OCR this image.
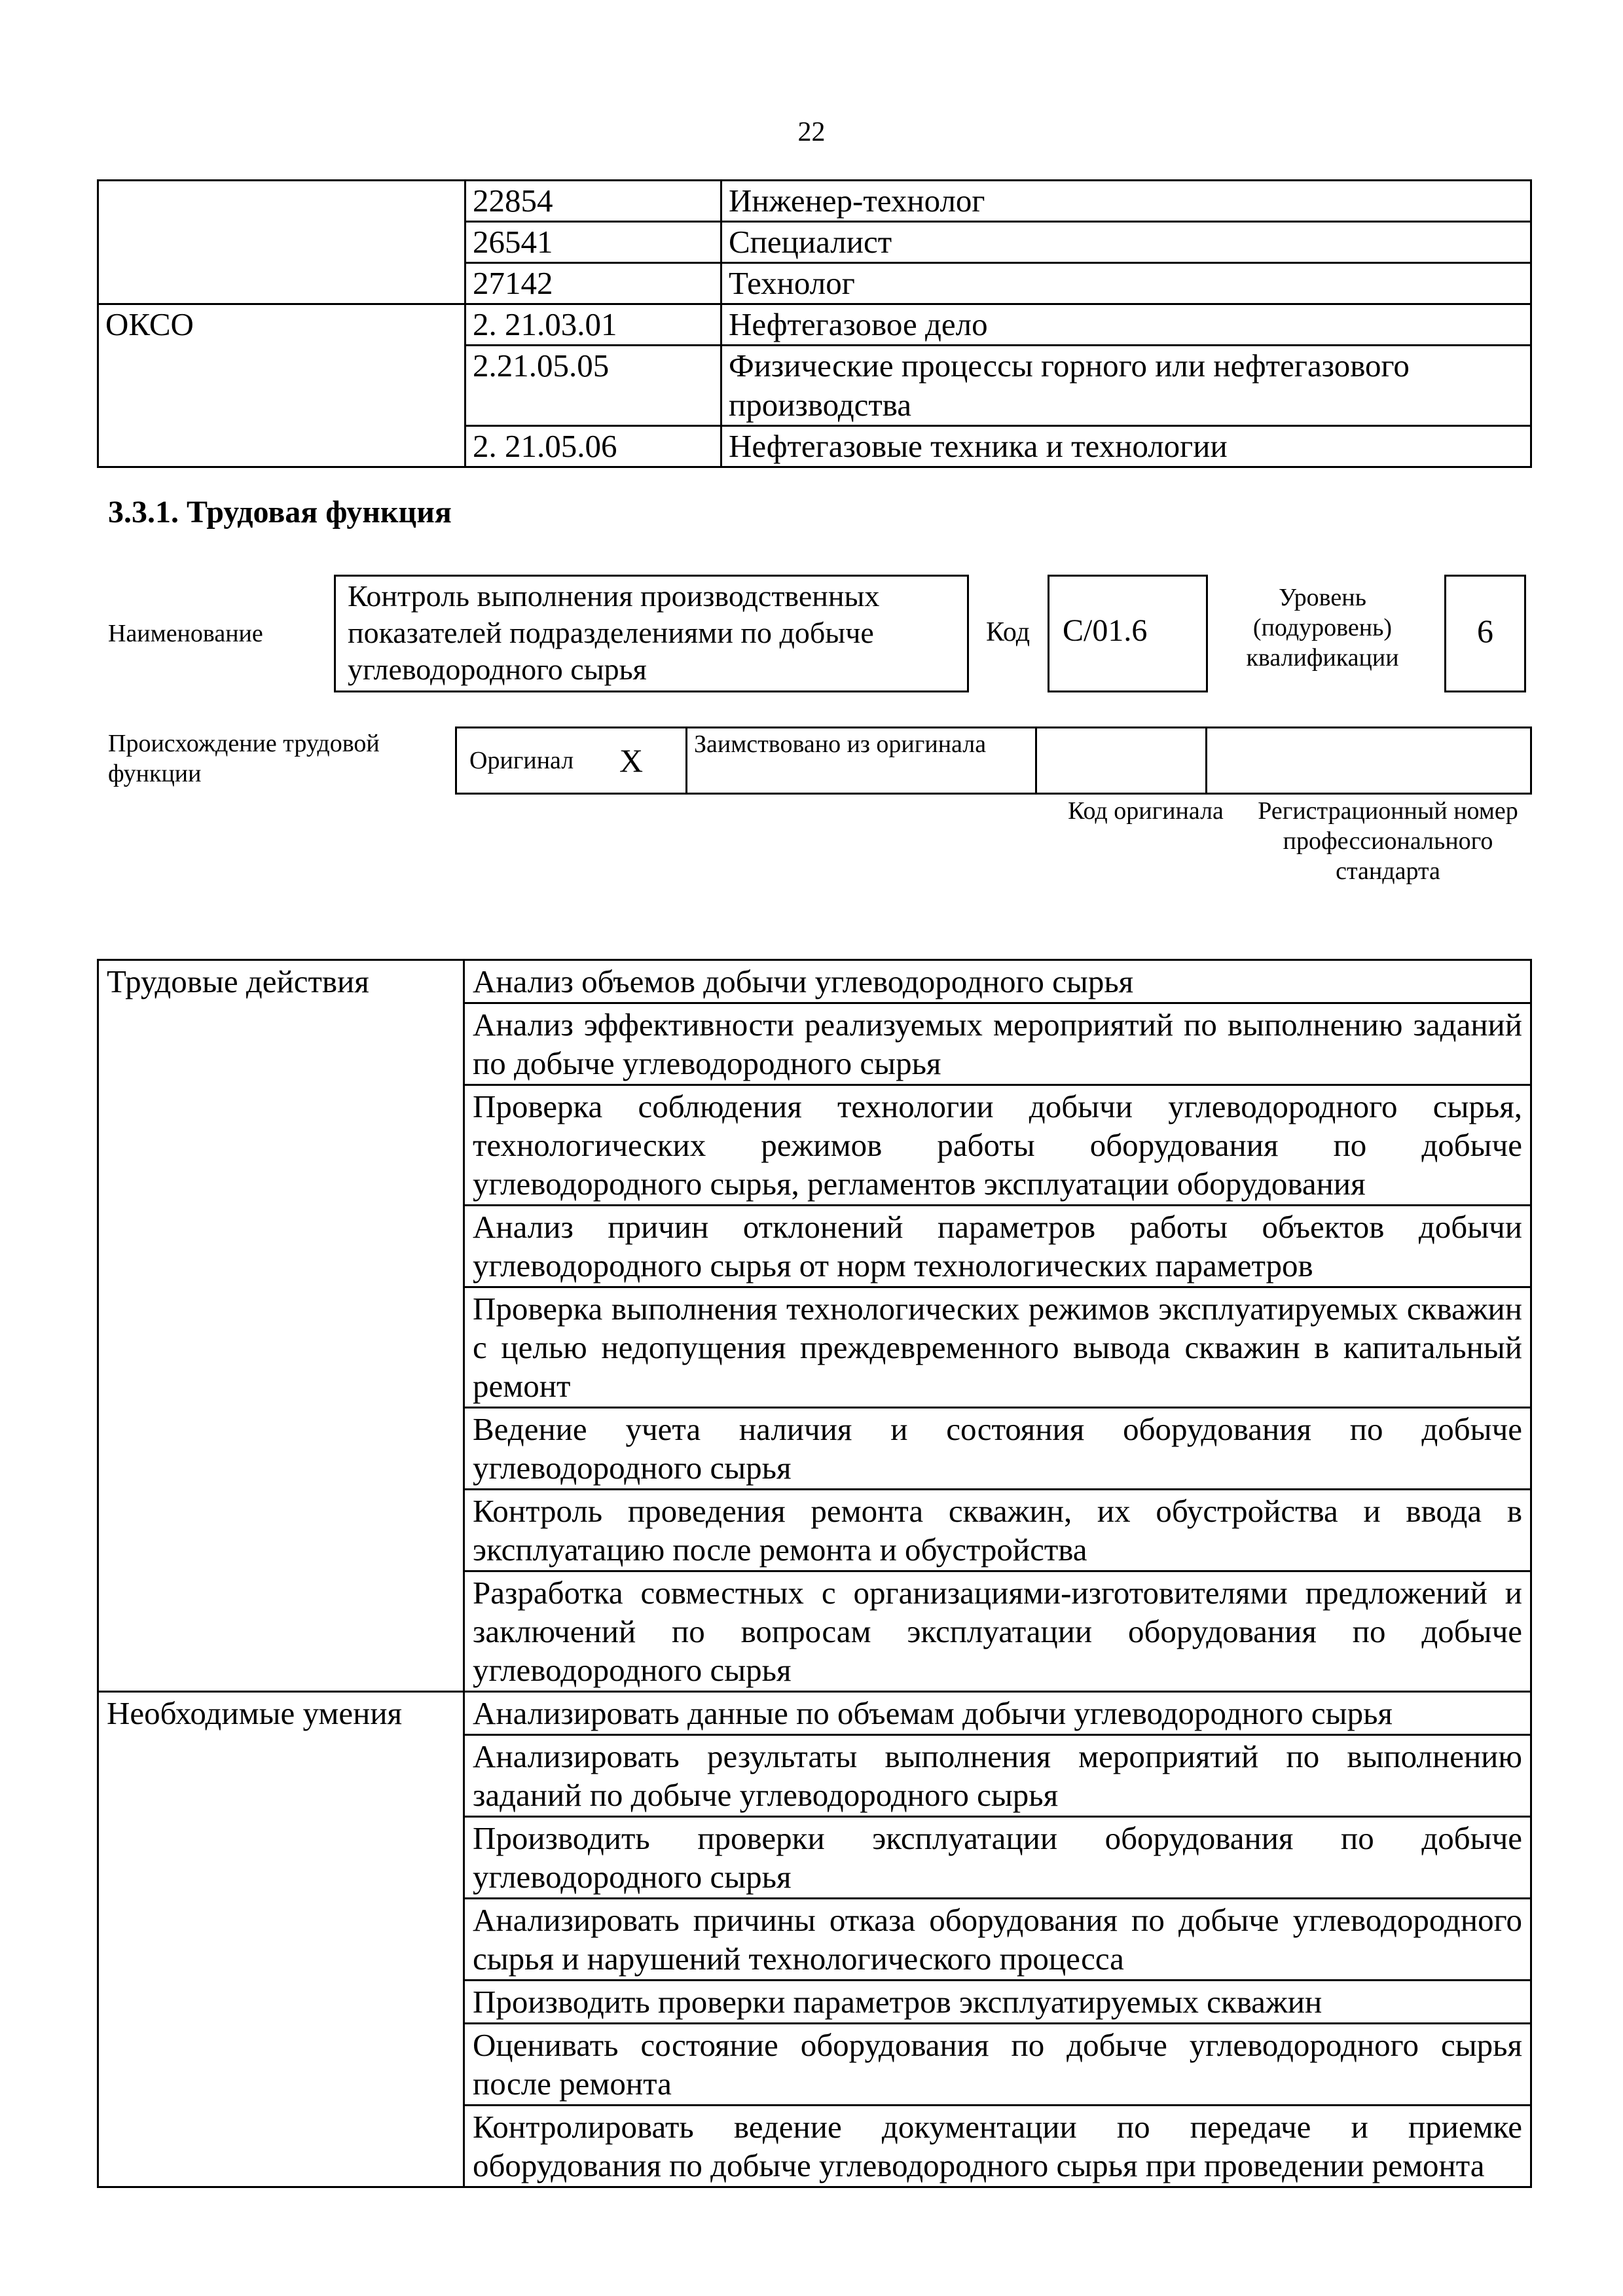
22
	22854	Инженер-технолог
	26541	Специалист
	27142	Технолог
ОКСО	2. 21.03.01	Нефтегазовое дело
	2.21.05.05	Физические процессы горного или нефтегазового производства
	2. 21.05.06	Нефтегазовые техника и технологии
3.3.1. Трудовая функция
Наименование
Контроль выполнения производственных показателей подразделениями по добыче углеводородного сырья
Код	С/01.6
Уровень (подуровень) квалификации
6
Происхождение трудовой функции	Оригинал	X	Заимствовано из оригинала		
Код оригинала	Регистрационный номер профессионального стандарта
Трудовые действия	Анализ объемов добычи углеводородного сырья
	Анализ эффективности реализуемых мероприятий по выполнению заданий по добыче углеводородного сырья
	Проверка соблюдения технологии добычи углеводородного сырья, технологических режимов работы оборудования по добыче углеводородного сырья, регламентов эксплуатации оборудования
	Анализ причин отклонений параметров работы объектов добычи углеводородного сырья от норм технологических параметров
	Проверка выполнения технологических режимов эксплуатируемых скважин с целью недопущения преждевременного вывода скважин в капитальный ремонт
	Ведение учета наличия и состояния оборудования по добыче углеводородного сырья
	Контроль проведения ремонта скважин, их обустройства и ввода в эксплуатацию после ремонта и обустройства
	Разработка совместных с организациями-изготовителями предложений и заключений по вопросам эксплуатации оборудования по добыче углеводородного сырья
Необходимые умения	Анализировать данные по объемам добычи углеводородного сырья
	Анализировать результаты выполнения мероприятий по выполнению заданий по добыче углеводородного сырья
	Производить проверки эксплуатации оборудования по добыче углеводородного сырья
	Анализировать причины отказа оборудования по добыче углеводородного сырья и нарушений технологического процесса
	Производить проверки параметров эксплуатируемых скважин
	Оценивать состояние оборудования по добыче углеводородного сырья после ремонта
	Контролировать ведение документации по передаче и приемке оборудования по добыче углеводородного сырья при проведении ремонта
